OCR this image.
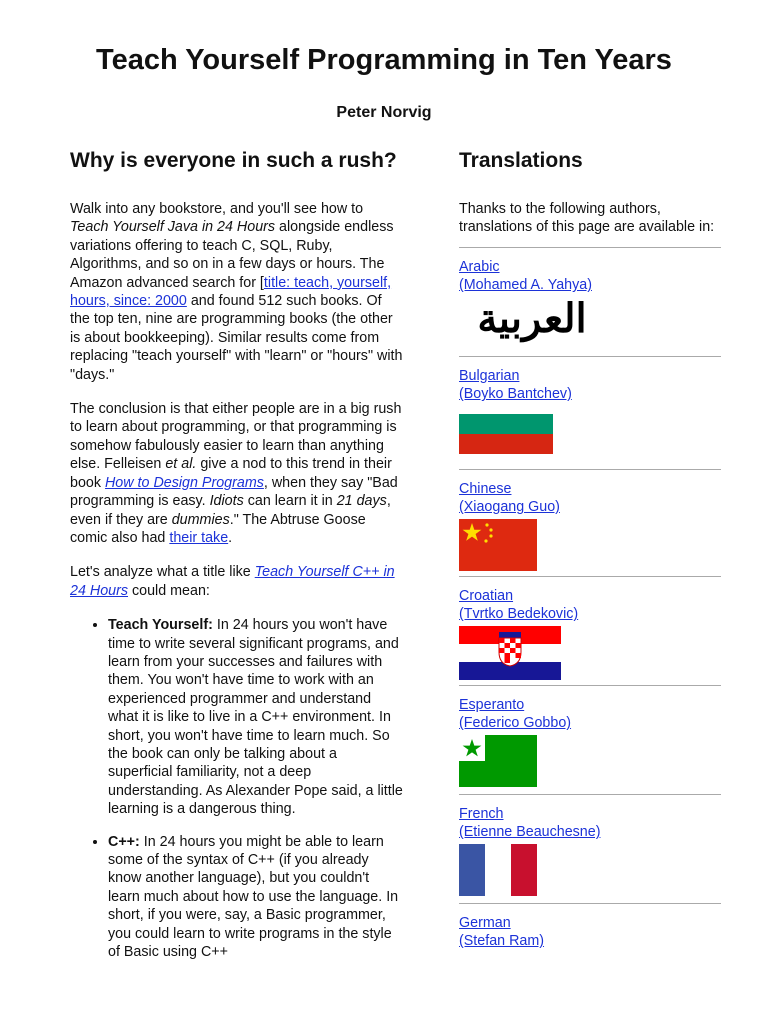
Teach Yourself Programming in Ten Years
Peter Norvig
Why is everyone in such a rush?

Walk into any bookstore, and you'll see how to Teach Yourself Java in 24 Hours alongside endless variations offering to teach C, SQL, Ruby, Algorithms, and so on in a few days or hours. The Amazon advanced search for [title: teach, yourself, hours, since: 2000 and found 512 such books. Of the top ten, nine are programming books (the other is about bookkeeping). Similar results come from replacing "teach yourself" with "learn" or "hours" with "days."

The conclusion is that either people are in a big rush to learn about programming, or that programming is somehow fabulously easier to learn than anything else. Felleisen et al. give a nod to this trend in their book How to Design Programs, when they say "Bad programming is easy. Idiots can learn it in 21 days, even if they are dummies." The Abtruse Goose comic also had their take.

Let's analyze what a title like Teach Yourself C++ in 24 Hours could mean:

• Teach Yourself: In 24 hours you won't have time to write several significant programs, and learn from your successes and failures with them. You won't have time to work with an experienced programmer and understand what it is like to live in a C++ environment. In short, you won't have time to learn much. So the book can only be talking about a superficial familiarity, not a deep understanding. As Alexander Pope said, a little learning is a dangerous thing.
• C++: In 24 hours you might be able to learn some of the syntax of C++ (if you already know another language), but you couldn't learn much about how to use the language. In short, if you were, say, a Basic programmer, you could learn to write programs in the style of Basic using C++
Translations
Thanks to the following authors, translations of this page are available in:
Arabic
(Mohamed A. Yahya)
العربية
Bulgarian
(Boyko Bantchev)
Chinese
(Xiaogang Guo)
Croatian
(Tvrtko Bedekovic)
Esperanto
(Federico Gobbo)
French
(Etienne Beauchesne)
German
(Stefan Ram)
